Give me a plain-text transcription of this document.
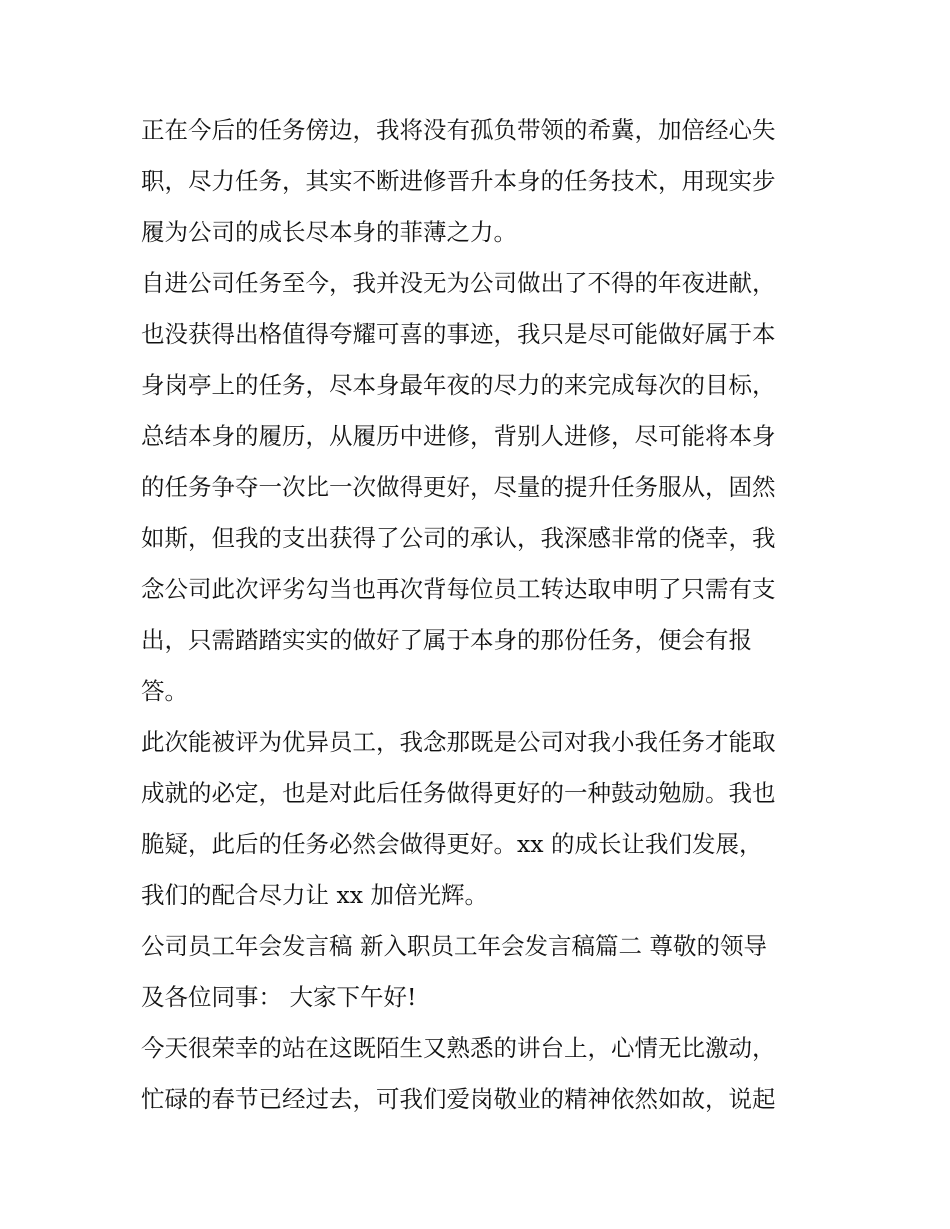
正在今后的任务傍边，我将没有孤负带领的希冀，加倍经心失
职，尽力任务，其实不断进修晋升本身的任务技术，用现实步
履为公司的成长尽本身的菲薄之力。
自进公司任务至今，我并没无为公司做出了不得的年夜进献，
也没获得出格值得夸耀可喜的事迹，我只是尽可能做好属于本
身岗亭上的任务，尽本身最年夜的尽力的来完成每次的目标，
总结本身的履历，从履历中进修，背别人进修，尽可能将本身
的任务争夺一次比一次做得更好，尽量的提升任务服从，固然
如斯，但我的支出获得了公司的承认，我深感非常的侥幸，我
念公司此次评劣勾当也再次背每位员工转达取申明了只需有支
出，只需踏踏实实的做好了属于本身的那份任务，便会有报
答。
此次能被评为优异员工，我念那既是公司对我小我任务才能取
成就的必定，也是对此后任务做得更好的一种鼓动勉励。我也
脆疑，此后的任务必然会做得更好。xx 的成长让我们发展，
我们的配合尽力让 xx 加倍光辉。
公司员工年会发言稿 新入职员工年会发言稿篇二 尊敬的领导
及各位同事： 大家下午好!
今天很荣幸的站在这既陌生又熟悉的讲台上，心情无比激动，
忙碌的春节已经过去，可我们爱岗敬业的精神依然如故，说起
